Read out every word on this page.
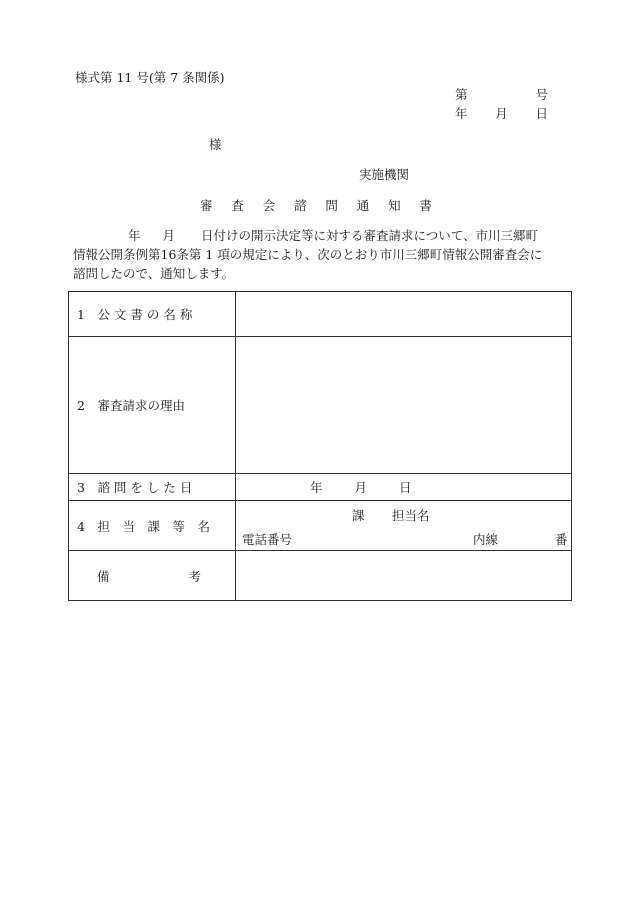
様式第 11 号(第 7 条関係)
第	号
年 月 日
様
実施機関
審 査 会 諮 問 通 知 書
年 月 日付けの開示決定等に対する審査請求について、市川三郷町
情報公開条例第16条第 1 項の規定により、次のとおり市川三郷町情報公開審査会に
諮問したので、通知します。
1　公 文 書 の 名 称	
2　審査請求の理由	
3　諮 問 を し た 日	年 月 日
4　担　当　課　等　名	課 担当名
電話番号 内線 番

備 考	
